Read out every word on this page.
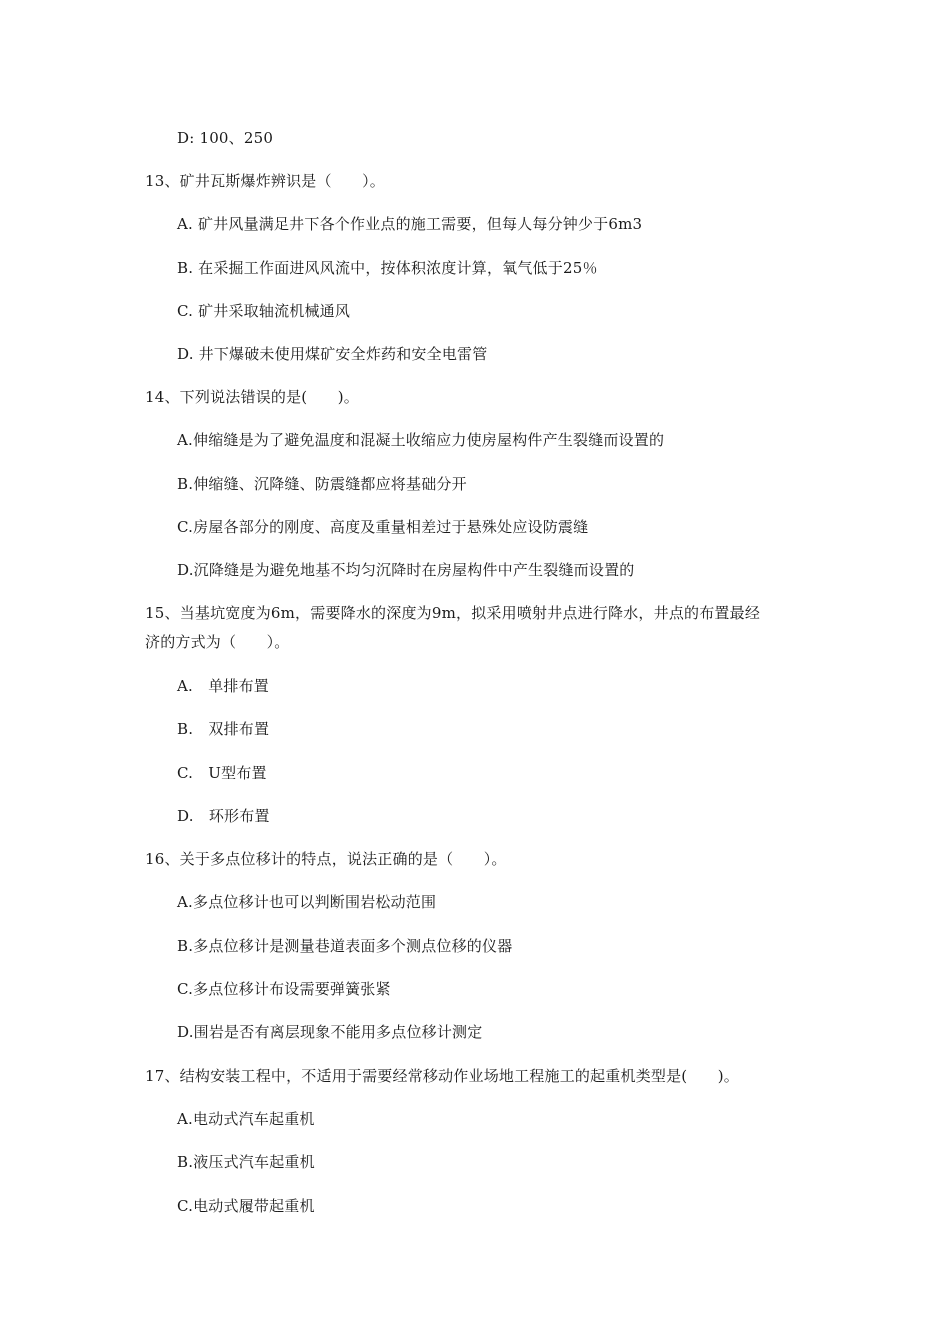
D: 100、250
13、矿井瓦斯爆炸辨识是（　　）。
A. 矿井风量满足井下各个作业点的施工需要，但每人每分钟少于6m3
B. 在采掘工作面进风风流中，按体积浓度计算，氧气低于25％
C. 矿井采取轴流机械通风
D. 井下爆破未使用煤矿安全炸药和安全电雷管
14、下列说法错误的是(　　)。
A.伸缩缝是为了避免温度和混凝土收缩应力使房屋构件产生裂缝而设置的
B.伸缩缝、沉降缝、防震缝都应将基础分开
C.房屋各部分的刚度、高度及重量相差过于悬殊处应设防震缝
D.沉降缝是为避免地基不均匀沉降时在房屋构件中产生裂缝而设置的
15、当基坑宽度为6m，需要降水的深度为9m，拟采用喷射井点进行降水，井点的布置最经
济的方式为（　　）。
A.　单排布置
B.　双排布置
C.　U型布置
D.　环形布置
16、关于多点位移计的特点，说法正确的是（　　）。
A.多点位移计也可以判断围岩松动范围
B.多点位移计是测量巷道表面多个测点位移的仪器
C.多点位移计布设需要弹簧张紧
D.围岩是否有离层现象不能用多点位移计测定
17、结构安装工程中，不适用于需要经常移动作业场地工程施工的起重机类型是(　　)。
A.电动式汽车起重机
B.液压式汽车起重机
C.电动式履带起重机
